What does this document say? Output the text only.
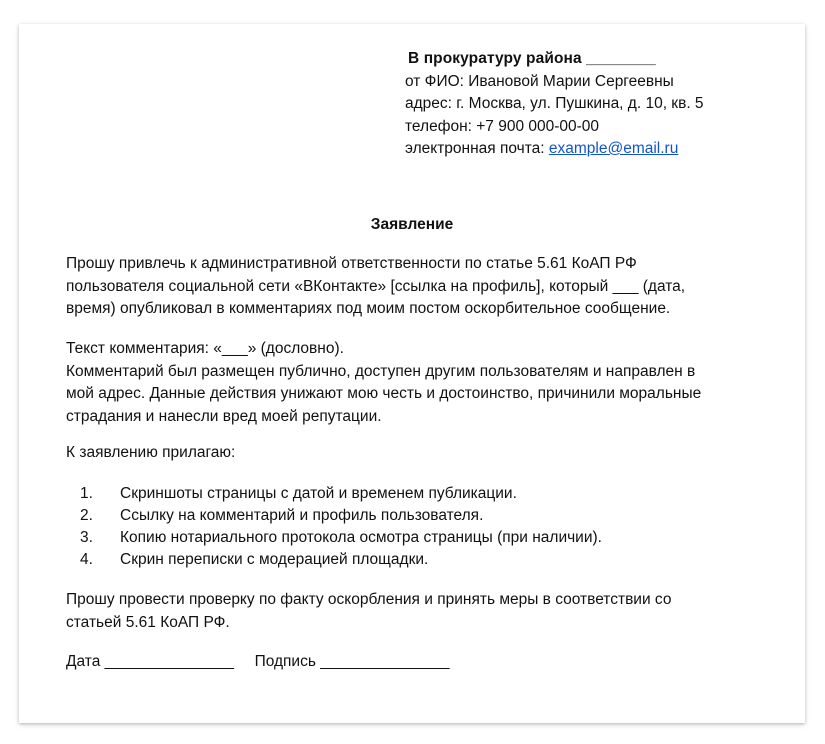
В прокуратуру района ________
от ФИО: Ивановой Марии Сергеевны
адрес: г. Москва, ул. Пушкина, д. 10, кв. 5
телефон: +7 900 000-00-00
электронная почта: example@email.ru
Заявление
Прошу привлечь к административной ответственности по статье 5.61 КоАП РФ
пользователя социальной сети «ВКонтакте» [ссылка на профиль], который ___ (дата,
время) опубликовал в комментариях под моим постом оскорбительное сообщение.
Текст комментария: «___» (дословно).
Комментарий был размещен публично, доступен другим пользователям и направлен в
мой адрес. Данные действия унижают мою честь и достоинство, причинили моральные
страдания и нанесли вред моей репутации.
К заявлению прилагаю:
1. Скриншоты страницы с датой и временем публикации.
2. Ссылку на комментарий и профиль пользователя.
3. Копию нотариального протокола осмотра страницы (при наличии).
4. Скрин переписки с модерацией площадки.
Прошу провести проверку по факту оскорбления и принять меры в соответствии со
статьей 5.61 КоАП РФ.
Дата _______________ Подпись _______________
